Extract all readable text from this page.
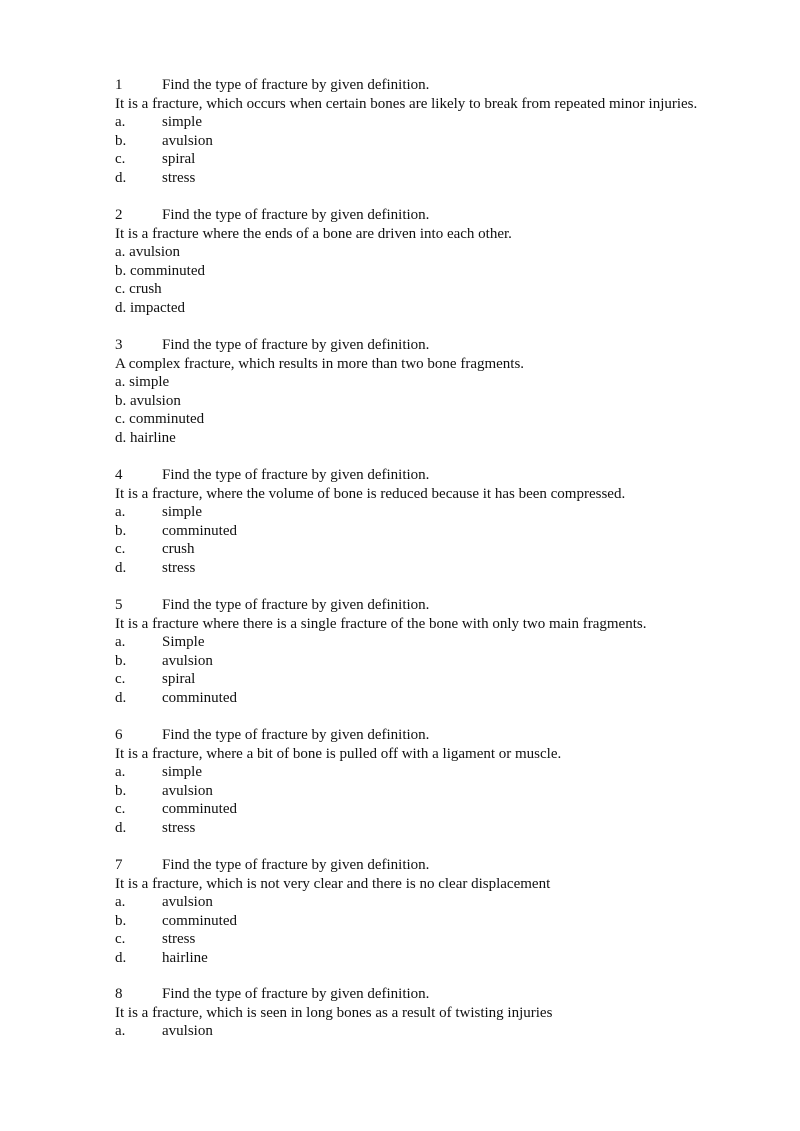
1	Find the type of fracture by given definition.
It is a fracture, which occurs when certain bones are likely to break from repeated minor injuries.
a. simple
b. avulsion
c. spiral
d. stress
2	Find the type of fracture by given definition.
It is a fracture where the ends of a bone are driven into each other.
a. avulsion
b. comminuted
c. crush
d. impacted
3	Find the type of fracture by given definition.
A complex fracture, which results in more than two bone fragments.
a. simple
b. avulsion
c. comminuted
d. hairline
4	Find the type of fracture by given definition.
It is a fracture, where the volume of bone is reduced because it has been compressed.
a. simple
b. comminuted
c. crush
d. stress
5	Find the type of fracture by given definition.
It is a fracture where there is a single fracture of the bone with only two main fragments.
a. Simple
b. avulsion
c. spiral
d. comminuted
6	Find the type of fracture by given definition.
It is a fracture, where a bit of bone is pulled off with a ligament or muscle.
a. simple
b. avulsion
c. comminuted
d. stress
7	Find the type of fracture by given definition.
It is a fracture, which is not very clear and there is no clear displacement
a. avulsion
b. comminuted
c. stress
d. hairline
8	Find the type of fracture by given definition.
It is a fracture, which is seen in long bones as a result of twisting injuries
a. avulsion
